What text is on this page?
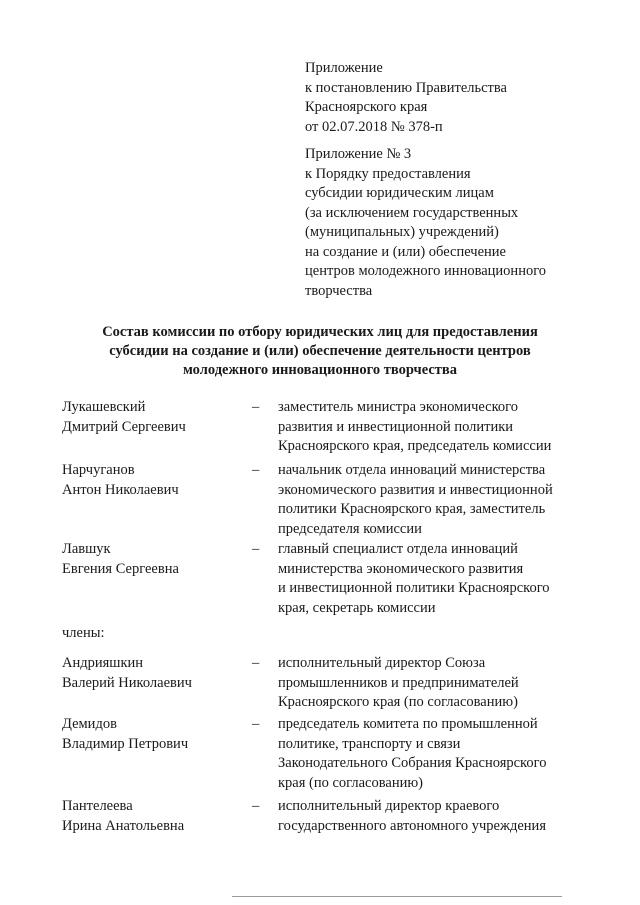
Приложение
к постановлению Правительства
Красноярского края
от 02.07.2018 № 378-п
Приложение № 3
к Порядку предоставления
субсидии юридическим лицам
(за исключением государственных
(муниципальных) учреждений)
на создание и (или) обеспечение
центров молодежного инновационного
творчества
Состав комиссии по отбору юридических лиц для предоставления
субсидии на создание и (или) обеспечение деятельности центров
молодежного инновационного творчества
Лукашевский
Дмитрий Сергеевич
– заместитель министра экономического
развития и инвестиционной политики
Красноярского края, председатель комиссии
Нарчуганов
Антон Николаевич
– начальник отдела инноваций министерства
экономического развития и инвестиционной
политики Красноярского края, заместитель
председателя комиссии
Лавшук
Евгения Сергеевна
– главный специалист отдела инноваций
министерства экономического развития
и инвестиционной политики Красноярского
края, секретарь комиссии
члены:
Андрияшкин
Валерий Николаевич
– исполнительный директор Союза
промышленников и предпринимателей
Красноярского края (по согласованию)
Демидов
Владимир Петрович
– председатель комитета по промышленной
политике, транспорту и связи
Законодательного Собрания Красноярского
края (по согласованию)
Пантелеева
Ирина Анатольевна
– исполнительный директор краевого
государственного автономного учреждения
